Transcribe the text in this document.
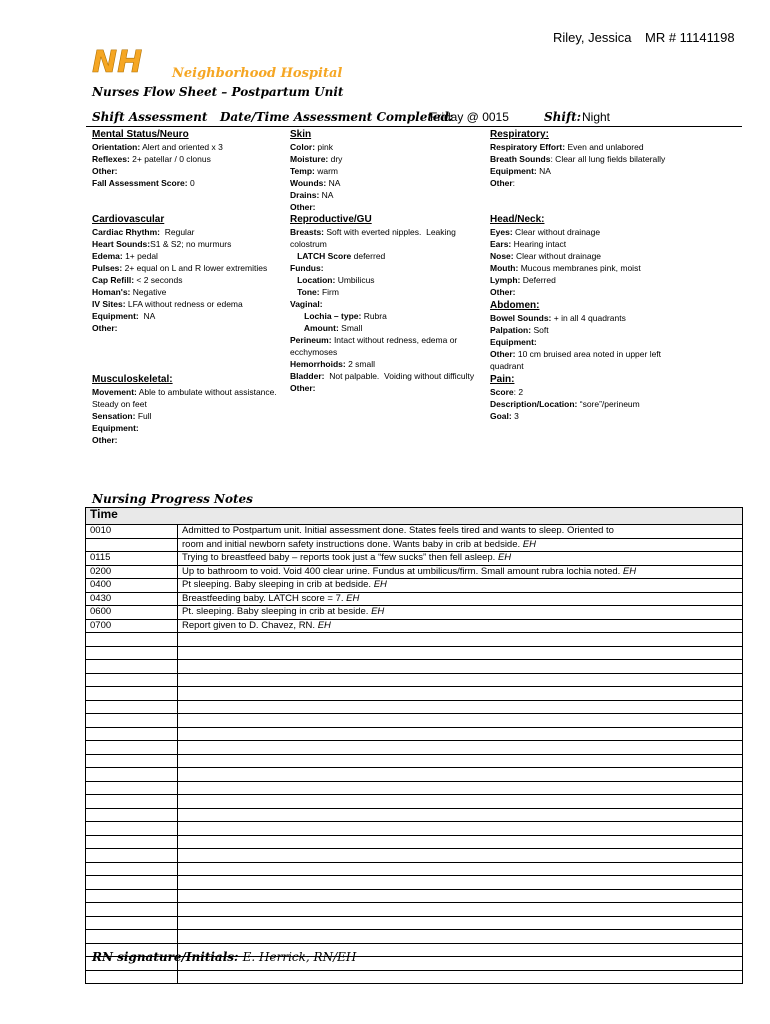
Riley, Jessica MR # 11141198
NH Neighborhood Hospital
Nurses Flow Sheet – Postpartum Unit
Shift Assessment Date/Time Assessment Completed:
Friday @ 0015	Shift: Night
Mental Status/Neuro
Orientation: Alert and oriented x 3
Reflexes: 2+ patellar / 0 clonus
Other:
Fall Assessment Score: 0
Cardiovascular
Cardiac Rhythm:  Regular
Heart Sounds:S1 & S2; no murmurs
Edema: 1+ pedal
Pulses: 2+ equal on L and R lower extremities
Cap Refill: < 2 seconds
Homan's: Negative
IV Sites: LFA without redness or edema
Equipment:  NA
Other:
Musculoskeletal:
Movement: Able to ambulate without assistance.
Steady on feet
Sensation: Full
Equipment:
Other:
Skin
Color: pink
Moisture: dry
Temp: warm
Wounds: NA
Drains: NA
Other:
Reproductive/GU
Breasts: Soft with everted nipples.  Leaking
colostrum
LATCH Score deferred
Fundus:
Location: Umbilicus
Tone: Firm
Vaginal:
Lochia – type: Rubra
Amount: Small
Perineum: Intact without redness, edema or
ecchymoses
Hemorrhoids: 2 small
Bladder:  Not palpable.  Voiding without difficulty
Other:
Respiratory:
Respiratory Effort: Even and unlabored
Breath Sounds: Clear all lung fields bilaterally
Equipment: NA
Other:
Head/Neck:
Eyes: Clear without drainage
Ears: Hearing intact
Nose: Clear without drainage
Mouth: Mucous membranes pink, moist
Lymph: Deferred
Other:
Abdomen:
Bowel Sounds: + in all 4 quadrants
Palpation: Soft
Equipment:
Other: 10 cm bruised area noted in upper left
quadrant
Pain:
Score: 2
Description/Location: “sore”/perineum
Goal: 3
Nursing Progress Notes
Time	
0010	Admitted to Postpartum unit. Initial assessment done. States feels tired and wants to sleep. Oriented to
	room and initial newborn safety instructions done. Wants baby in crib at bedside. EH
0115	Trying to breastfeed baby – reports took just a “few sucks” then fell asleep. EH
0200	Up to bathroom to void. Void 400 clear urine. Fundus at umbilicus/firm. Small amount rubra lochia noted. EH
0400	Pt sleeping. Baby sleeping in crib at bedside. EH
0430	Breastfeeding baby. LATCH score = 7. EH
0600	Pt. sleeping. Baby sleeping in crib at beside. EH
0700	Report given to D. Chavez, RN. EH

RN signature/Initials: E. Herrick, RN/EH
